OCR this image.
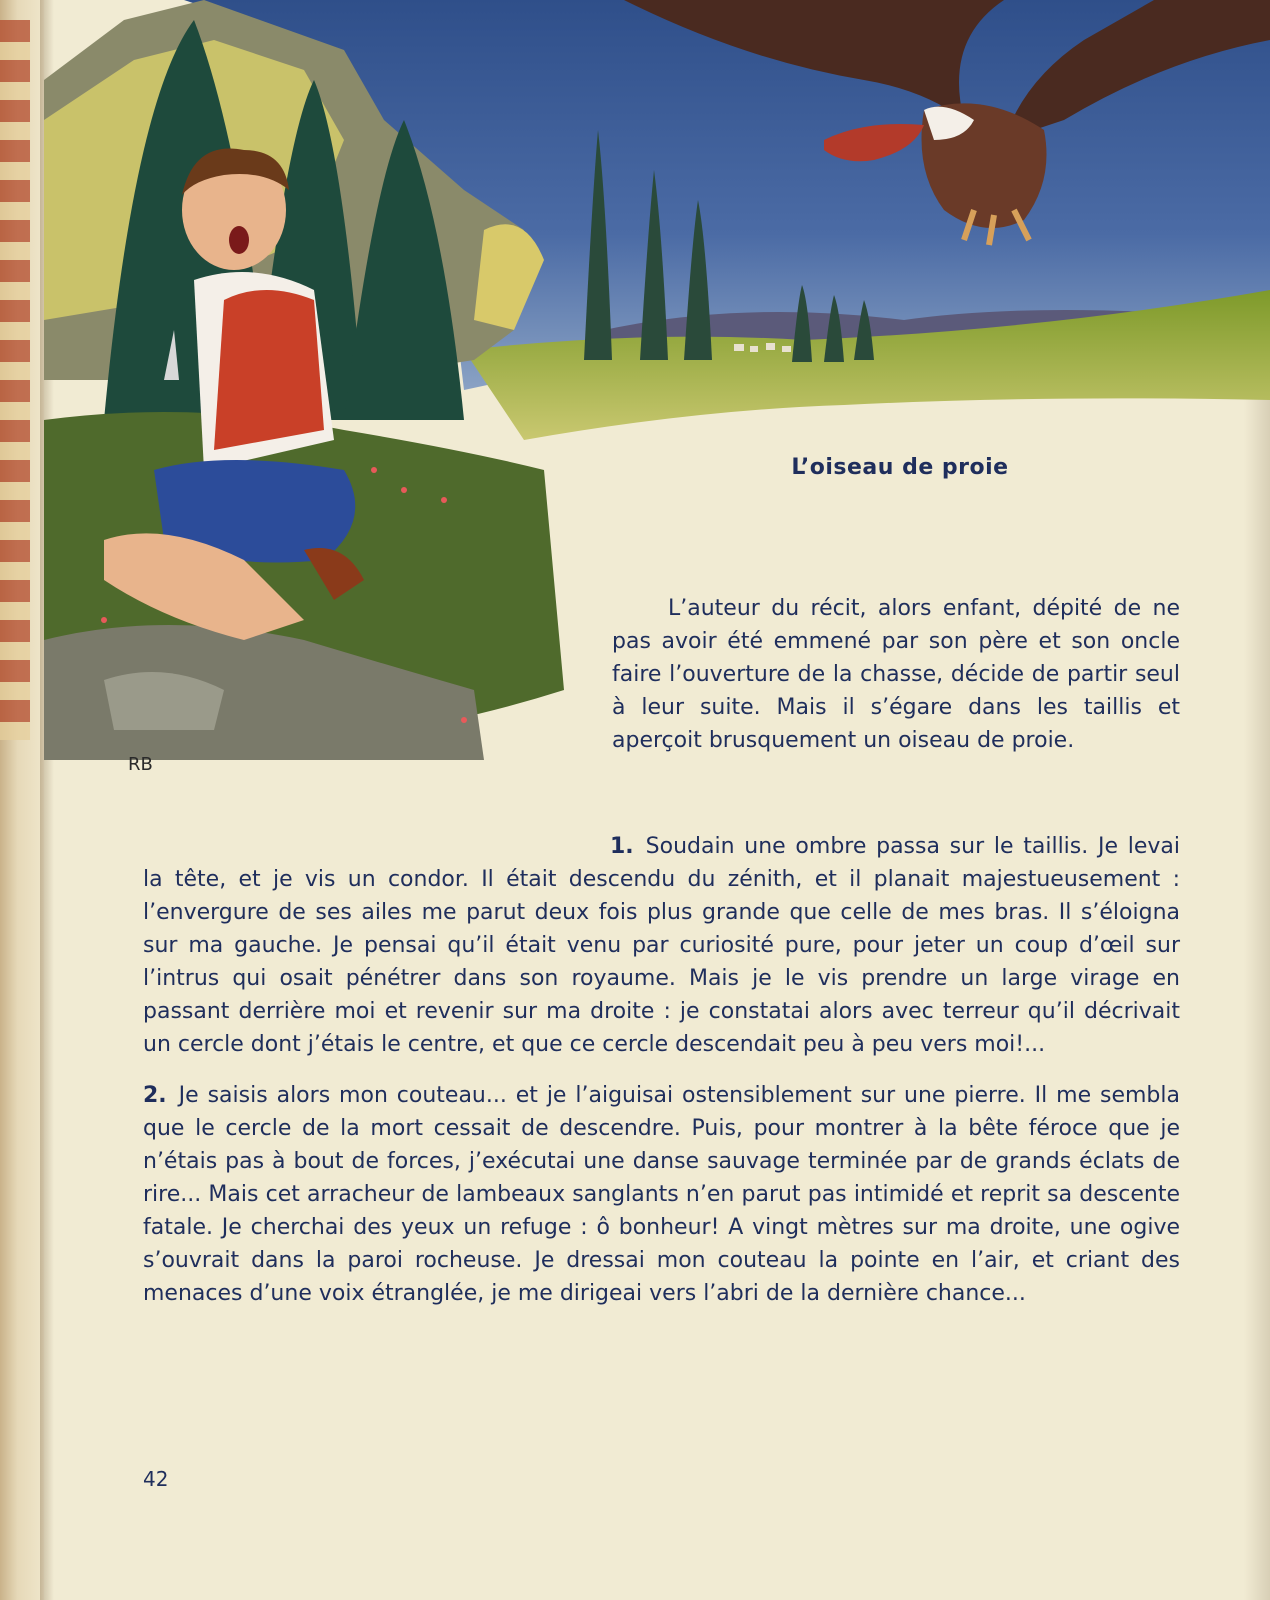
RB
L’oiseau de proie

L’auteur du récit, alors enfant, dépité de ne pas avoir été emmené par son père et son oncle faire l’ouverture de la chasse, décide de partir seul à leur suite. Mais il s’égare dans les taillis et aperçoit brusquement un oiseau de proie.

1. Soudain une ombre passa sur le taillis. Je levai la tête, et je vis un condor. Il était descendu du zénith, et il planait majestueusement : l’envergure de ses ailes me parut deux fois plus grande que celle de mes bras. Il s’éloigna sur ma gauche. Je pensai qu’il était venu par curiosité pure, pour jeter un coup d’œil sur l’intrus qui osait pénétrer dans son royaume. Mais je le vis prendre un large virage en passant derrière moi et revenir sur ma droite : je constatai alors avec terreur qu’il décrivait un cercle dont j’étais le centre, et que ce cercle descendait peu à peu vers moi!...

2. Je saisis alors mon couteau... et je l’aiguisai ostensiblement sur une pierre. Il me sembla que le cercle de la mort cessait de descendre. Puis, pour montrer à la bête féroce que je n’étais pas à bout de forces, j’exécutai une danse sauvage terminée par de grands éclats de rire... Mais cet arracheur de lambeaux sanglants n’en parut pas intimidé et reprit sa descente fatale. Je cherchai des yeux un refuge : ô bonheur! A vingt mètres sur ma droite, une ogive s’ouvrait dans la paroi rocheuse. Je dressai mon couteau la pointe en l’air, et criant des menaces d’une voix étranglée, je me dirigeai vers l’abri de la dernière chance...

42
